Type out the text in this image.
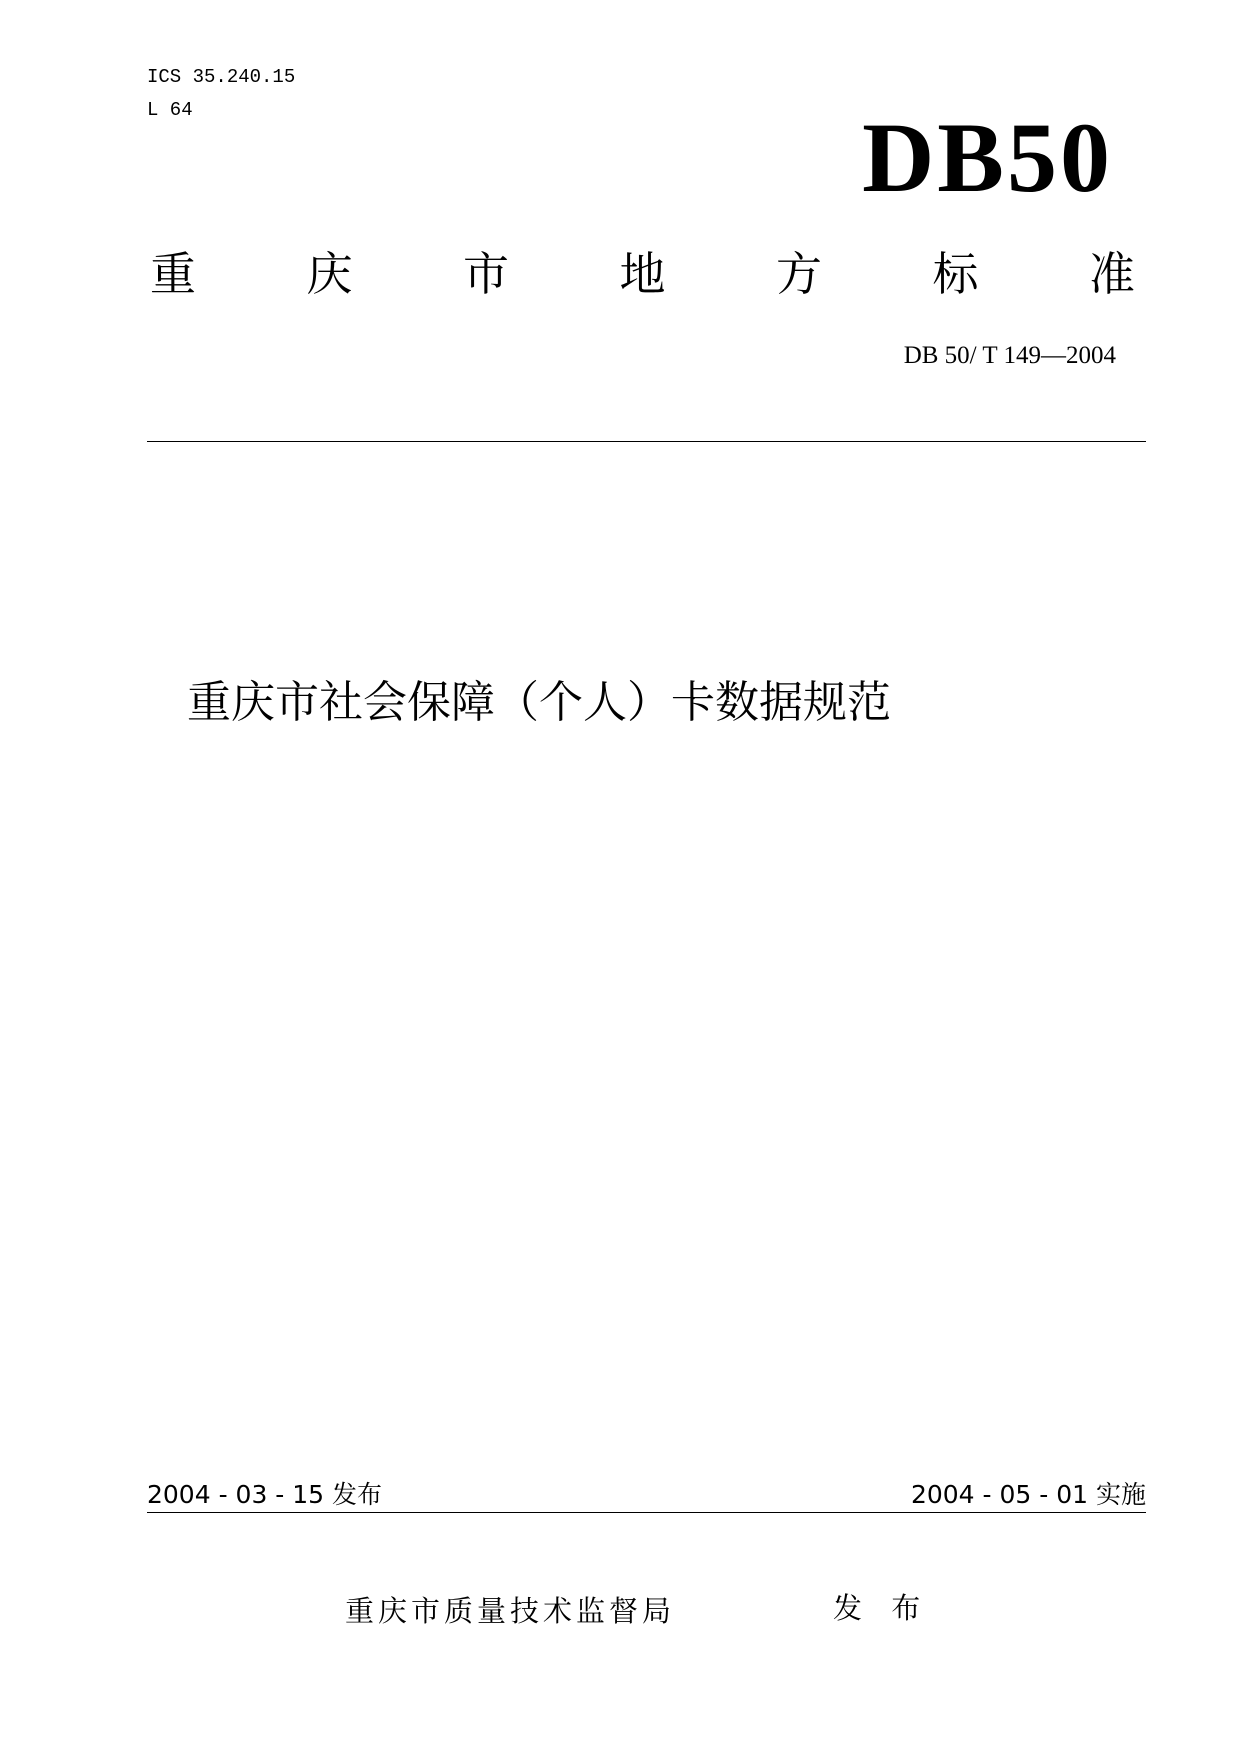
ICS 35.240.15
L 64	DB50
重 庆 市 地 方 标 准
DB 50/ T 149—2004
重庆市社会保障（个人）卡数据规范
2004 - 03 - 15 发布	2004 - 05 - 01 实施
重庆市质量技术监督局	发 布
